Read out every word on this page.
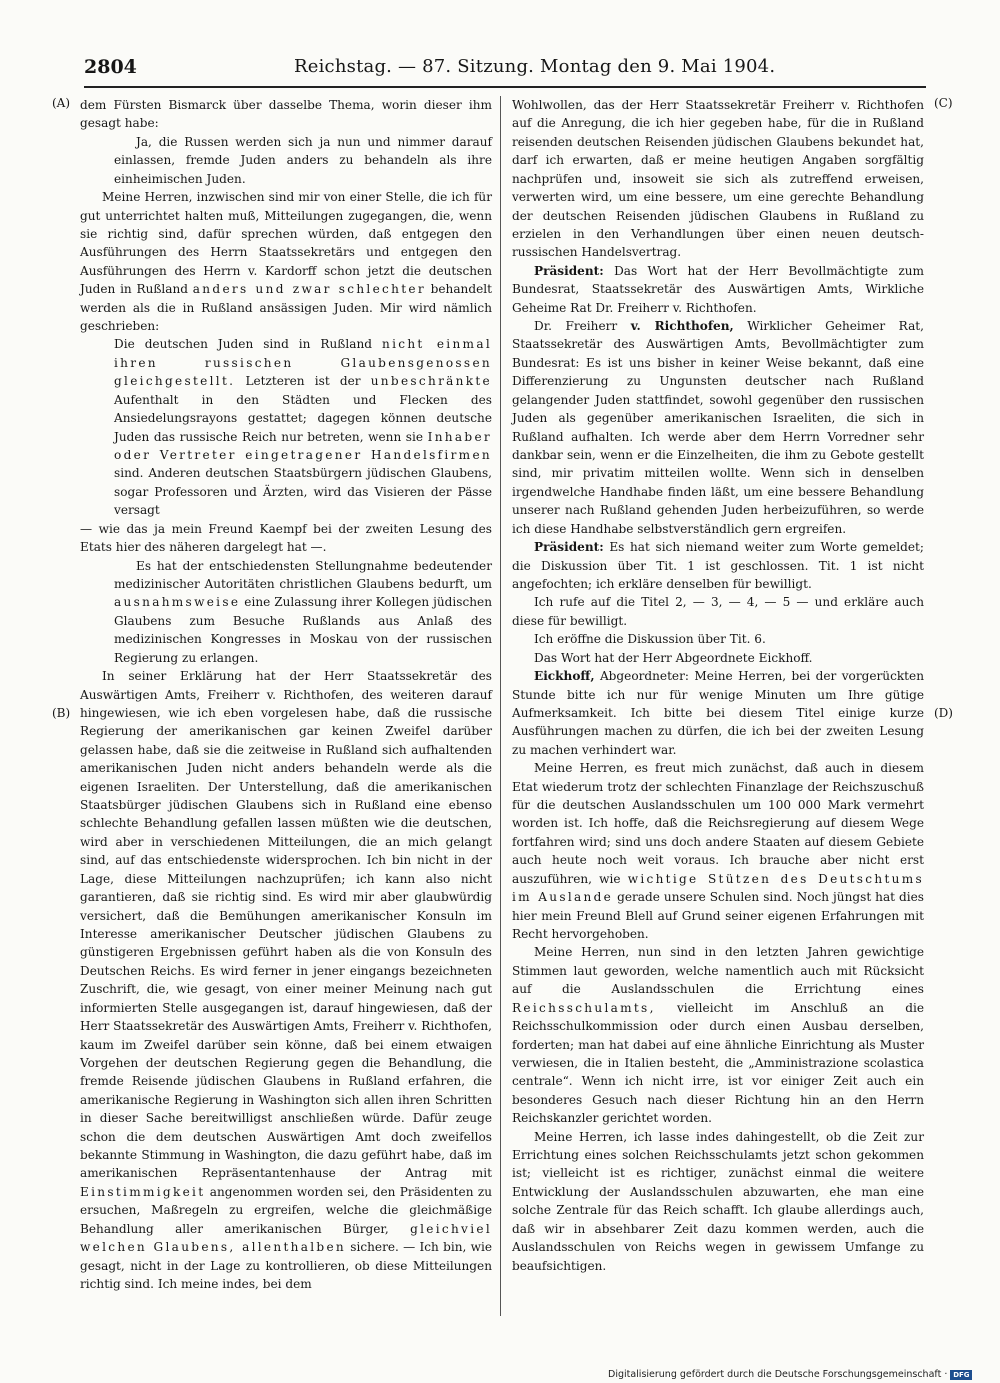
2804	Reichstag. — 87. Sitzung. Montag den 9. Mai 1904.
(A)
(B)
(C)
(D)

dem Fürsten Bismarck über dasselbe Thema, worin dieser ihm gesagt habe:

Ja, die Russen werden sich ja nun und nimmer darauf einlassen, fremde Juden anders zu behandeln als ihre einheimischen Juden.

Meine Herren, inzwischen sind mir von einer Stelle, die ich für gut unterrichtet halten muß, Mitteilungen zugegangen, die, wenn sie richtig sind, dafür sprechen würden, daß entgegen den Ausführungen des Herrn Staatssekretärs und entgegen den Ausführungen des Herrn v. Kardorff schon jetzt die deutschen Juden in Rußland anders und zwar schlechter behandelt werden als die in Rußland ansässigen Juden. Mir wird nämlich geschrieben:

Die deutschen Juden sind in Rußland nicht einmal ihren russischen Glaubensgenossen gleichgestellt. Letzteren ist der unbeschränkte Aufenthalt in den Städten und Flecken des Ansiedelungsrayons gestattet; dagegen können deutsche Juden das russische Reich nur betreten, wenn sie Inhaber oder Vertreter eingetragener Handelsfirmen sind. Anderen deutschen Staatsbürgern jüdischen Glaubens, sogar Professoren und Ärzten, wird das Visieren der Pässe versagt

— wie das ja mein Freund Kaempf bei der zweiten Lesung des Etats hier des näheren dargelegt hat —.

Es hat der entschiedensten Stellungnahme bedeutender medizinischer Autoritäten christlichen Glaubens bedurft, um ausnahmsweise eine Zulassung ihrer Kollegen jüdischen Glaubens zum Besuche Rußlands aus Anlaß des medizinischen Kongresses in Moskau von der russischen Regierung zu erlangen.

In seiner Erklärung hat der Herr Staatssekretär des Auswärtigen Amts, Freiherr v. Richthofen, des weiteren darauf hingewiesen, wie ich eben vorgelesen habe, daß die russische Regierung der amerikanischen gar keinen Zweifel darüber gelassen habe, daß sie die zeitweise in Rußland sich aufhaltenden amerikanischen Juden nicht anders behandeln werde als die eigenen Israeliten. Der Unterstellung, daß die amerikanischen Staatsbürger jüdischen Glaubens sich in Rußland eine ebenso schlechte Behandlung gefallen lassen müßten wie die deutschen, wird aber in verschiedenen Mitteilungen, die an mich gelangt sind, auf das entschiedenste widersprochen. Ich bin nicht in der Lage, diese Mitteilungen nachzuprüfen; ich kann also nicht garantieren, daß sie richtig sind. Es wird mir aber glaubwürdig versichert, daß die Bemühungen amerikanischer Konsuln im Interesse amerikanischer Deutscher jüdischen Glaubens zu günstigeren Ergebnissen geführt haben als die von Konsuln des Deutschen Reichs. Es wird ferner in jener eingangs bezeichneten Zuschrift, die, wie gesagt, von einer meiner Meinung nach gut informierten Stelle ausgegangen ist, darauf hingewiesen, daß der Herr Staatssekretär des Auswärtigen Amts, Freiherr v. Richthofen, kaum im Zweifel darüber sein könne, daß bei einem etwaigen Vorgehen der deutschen Regierung gegen die Behandlung, die fremde Reisende jüdischen Glaubens in Rußland erfahren, die amerikanische Regierung in Washington sich allen ihren Schritten in dieser Sache bereitwilligst anschließen würde. Dafür zeuge schon die dem deutschen Auswärtigen Amt doch zweifellos bekannte Stimmung in Washington, die dazu geführt habe, daß im amerikanischen Repräsentantenhause der Antrag mit Einstimmigkeit angenommen worden sei, den Präsidenten zu ersuchen, Maßregeln zu ergreifen, welche die gleichmäßige Behandlung aller amerikanischen Bürger, gleichviel welchen Glaubens, allenthalben sichere. — Ich bin, wie gesagt, nicht in der Lage zu kontrollieren, ob diese Mitteilungen richtig sind. Ich meine indes, bei dem

Wohlwollen, das der Herr Staatssekretär Freiherr v. Richthofen auf die Anregung, die ich hier gegeben habe, für die in Rußland reisenden deutschen Reisenden jüdischen Glaubens bekundet hat, darf ich erwarten, daß er meine heutigen Angaben sorgfältig nachprüfen und, insoweit sie sich als zutreffend erweisen, verwerten wird, um eine bessere, um eine gerechte Behandlung der deutschen Reisenden jüdischen Glaubens in Rußland zu erzielen in den Verhandlungen über einen neuen deutsch-russischen Handelsvertrag.

Präsident: Das Wort hat der Herr Bevollmächtigte zum Bundesrat, Staatssekretär des Auswärtigen Amts, Wirkliche Geheime Rat Dr. Freiherr v. Richthofen.

Dr. Freiherr v. Richthofen, Wirklicher Geheimer Rat, Staatssekretär des Auswärtigen Amts, Bevollmächtigter zum Bundesrat: Es ist uns bisher in keiner Weise bekannt, daß eine Differenzierung zu Ungunsten deutscher nach Rußland gelangender Juden stattfindet, sowohl gegenüber den russischen Juden als gegenüber amerikanischen Israeliten, die sich in Rußland aufhalten. Ich werde aber dem Herrn Vorredner sehr dankbar sein, wenn er die Einzelheiten, die ihm zu Gebote gestellt sind, mir privatim mitteilen wollte. Wenn sich in denselben irgendwelche Handhabe finden läßt, um eine bessere Behandlung unserer nach Rußland gehenden Juden herbeizuführen, so werde ich diese Handhabe selbstverständlich gern ergreifen.

Präsident: Es hat sich niemand weiter zum Worte gemeldet; die Diskussion über Tit. 1 ist geschlossen. Tit. 1 ist nicht angefochten; ich erkläre denselben für bewilligt.

Ich rufe auf die Titel 2, — 3, — 4, — 5 — und erkläre auch diese für bewilligt.

Ich eröffne die Diskussion über Tit. 6.

Das Wort hat der Herr Abgeordnete Eickhoff.

Eickhoff, Abgeordneter: Meine Herren, bei der vorgerückten Stunde bitte ich nur für wenige Minuten um Ihre gütige Aufmerksamkeit. Ich bitte bei diesem Titel einige kurze Ausführungen machen zu dürfen, die ich bei der zweiten Lesung zu machen verhindert war.

Meine Herren, es freut mich zunächst, daß auch in diesem Etat wiederum trotz der schlechten Finanzlage der Reichszuschuß für die deutschen Auslandsschulen um 100 000 Mark vermehrt worden ist. Ich hoffe, daß die Reichsregierung auf diesem Wege fortfahren wird; sind uns doch andere Staaten auf diesem Gebiete auch heute noch weit voraus. Ich brauche aber nicht erst auszuführen, wie wichtige Stützen des Deutschtums im Auslande gerade unsere Schulen sind. Noch jüngst hat dies hier mein Freund Blell auf Grund seiner eigenen Erfahrungen mit Recht hervorgehoben.

Meine Herren, nun sind in den letzten Jahren gewichtige Stimmen laut geworden, welche namentlich auch mit Rücksicht auf die Auslandsschulen die Errichtung eines Reichsschulamts, vielleicht im Anschluß an die Reichsschulkommission oder durch einen Ausbau derselben, forderten; man hat dabei auf eine ähnliche Einrichtung als Muster verwiesen, die in Italien besteht, die „Amministrazione scolastica centrale“. Wenn ich nicht irre, ist vor einiger Zeit auch ein besonderes Gesuch nach dieser Richtung hin an den Herrn Reichskanzler gerichtet worden.

Meine Herren, ich lasse indes dahingestellt, ob die Zeit zur Errichtung eines solchen Reichsschulamts jetzt schon gekommen ist; vielleicht ist es richtiger, zunächst einmal die weitere Entwicklung der Auslandsschulen abzuwarten, ehe man eine solche Zentrale für das Reich schafft. Ich glaube allerdings auch, daß wir in absehbarer Zeit dazu kommen werden, auch die Auslandsschulen von Reichs wegen in gewissem Umfange zu beaufsichtigen.

Digitalisierung gefördert durch die Deutsche Forschungsgemeinschaft · DFG
